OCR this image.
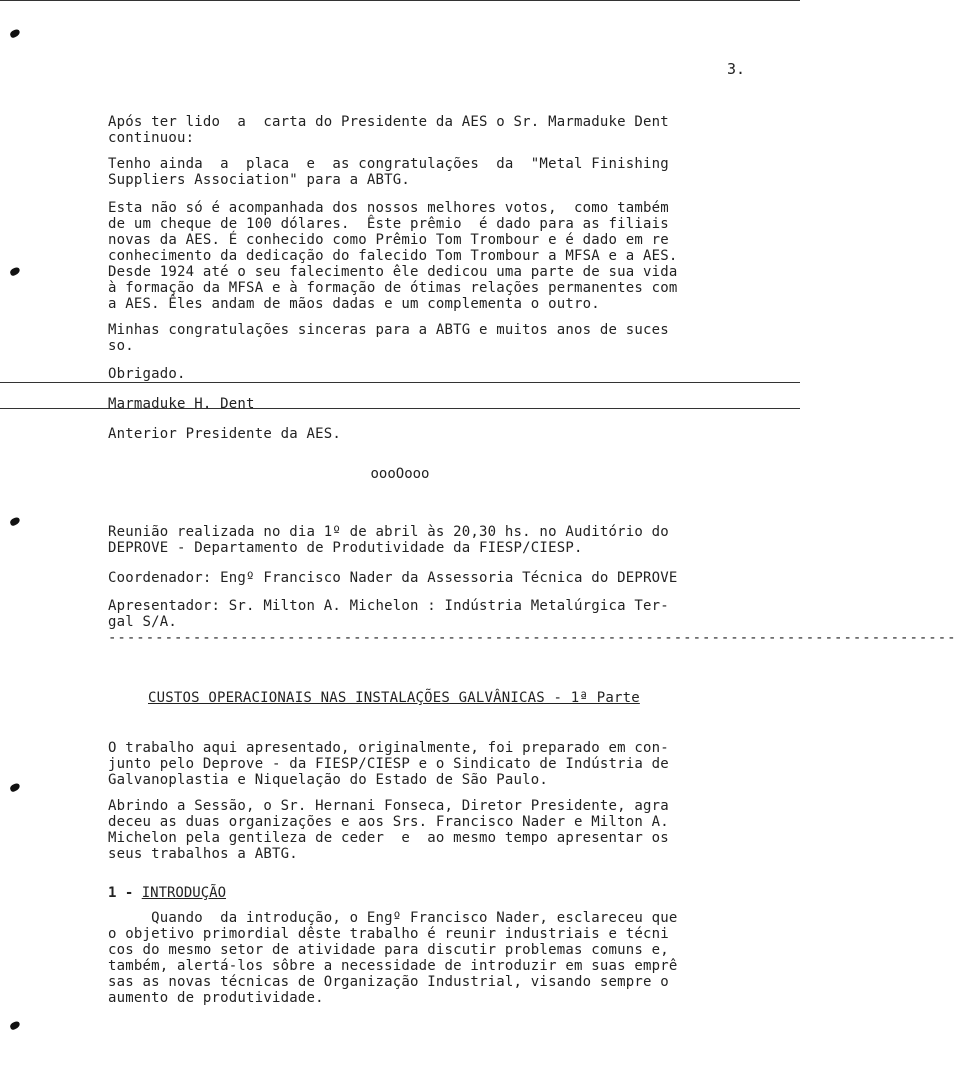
3.
Após ter lido  a  carta do Presidente da AES o Sr. Marmaduke Dent
continuou:
Tenho ainda  a  placa  e  as congratulações  da  "Metal Finishing
Suppliers Association" para a ABTG.
Esta não só é acompanhada dos nossos melhores votos,  como também
de um cheque de 100 dólares.  Êste prêmio  é dado para as filiais
novas da AES. É conhecido como Prêmio Tom Trombour e é dado em re
conhecimento da dedicação do falecido Tom Trombour a MFSA e a AES.
Desde 1924 até o seu falecimento êle dedicou uma parte de sua vida
à formação da MFSA e à formação de ótimas relações permanentes com
a AES. Êles andam de mãos dadas e um complementa o outro.
Minhas congratulações sinceras para a ABTG e muitos anos de suces
so.
Obrigado.
Marmaduke H. Dent
Anterior Presidente da AES.
oooOooo
Reunião realizada no dia 1º de abril às 20,30 hs. no Auditório do
DEPROVE - Departamento de Produtividade da FIESP/CIESP.
Coordenador: Engº Francisco Nader da Assessoria Técnica do DEPROVE
Apresentador: Sr. Milton A. Michelon : Indústria Metalúrgica Ter-
gal S/A.
------------------------------------------------------------------------------------------
CUSTOS OPERACIONAIS NAS INSTALAÇÕES GALVÂNICAS - 1ª Parte
O trabalho aqui apresentado, originalmente, foi preparado em con-
junto pelo Deprove - da FIESP/CIESP e o Sindicato de Indústria de
Galvanoplastia e Niquelação do Estado de São Paulo.
Abrindo a Sessão, o Sr. Hernani Fonseca, Diretor Presidente, agra
deceu as duas organizações e aos Srs. Francisco Nader e Milton A.
Michelon pela gentileza de ceder  e  ao mesmo tempo apresentar os
seus trabalhos a ABTG.
1 - INTRODUÇÃO
Quando  da introdução, o Engº Francisco Nader, esclareceu que
o objetivo primordial dêste trabalho é reunir industriais e técni
cos do mesmo setor de atividade para discutir problemas comuns e,
também, alertá-los sôbre a necessidade de introduzir em suas emprê
sas as novas técnicas de Organização Industrial, visando sempre o
aumento de produtividade.
